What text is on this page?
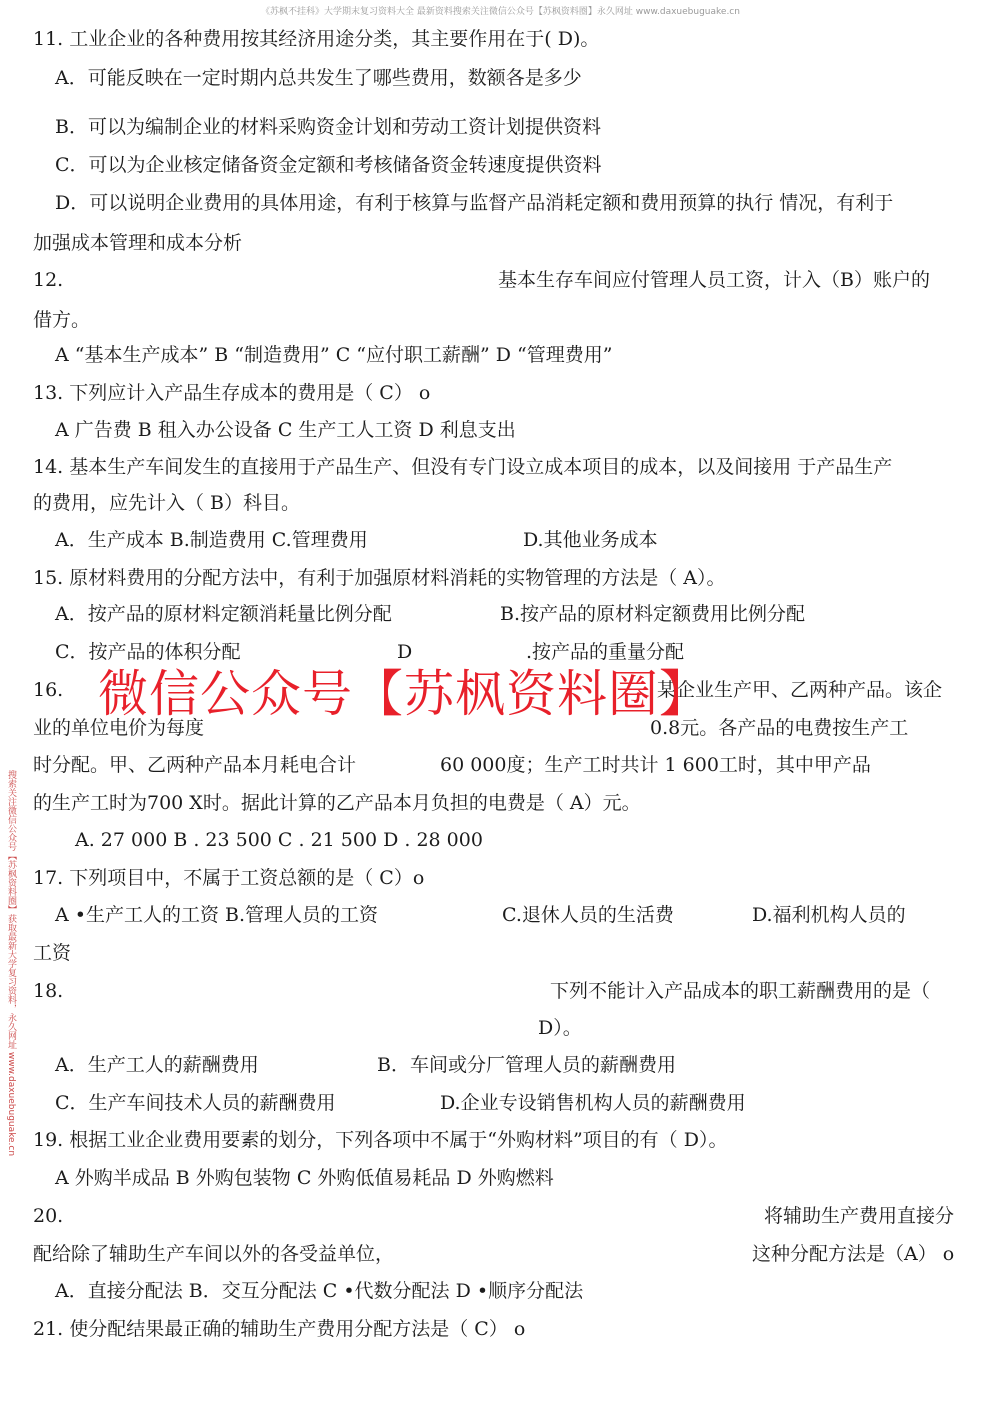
《苏枫不挂科》大学期末复习资料大全 最新资料搜索关注微信公众号【苏枫资料圈】永久网址 www.daxuebuguake.cn
11. 工业企业的各种费用按其经济用途分类，其主要作用在于( D)。
A．可能反映在一定时期内总共发生了哪些费用，数额各是多少
B．可以为编制企业的材料采购资金计划和劳动工资计划提供资料
C．可以为企业核定储备资金定额和考核储备资金转速度提供资料
D．可以说明企业费用的具体用途，有利于核算与监督产品消耗定额和费用预算的执行 情况，有利于
加强成本管理和成本分析
12.	基本生存车间应付管理人员工资，计入（B）账户的
借方。
A “基本生产成本” B “制造费用” C “应付职工薪酬” D “管理费用”
13. 下列应计入产品生存成本的费用是（ C） o
A 广告费 B 租入办公设备 C 生产工人工资 D 利息支出
14. 基本生产车间发生的直接用于产品生产、但没有专门设立成本项目的成本，以及间接用 于产品生产
的费用，应先计入（ B）科目。
A．生产成本 B.制造费用 C.管理费用	D.其他业务成本
15. 原材料费用的分配方法中，有利于加强原材料消耗的实物管理的方法是（ A）。
A．按产品的原材料定额消耗量比例分配	B.按产品的原材料定额费用比例分配
C．按产品的体积分配	D	.按产品的重量分配
16.	某企业生产甲、乙两种产品。该企
业的单位电价为每度	0.8元。各产品的电费按生产工
时分配。甲、乙两种产品本月耗电合计	60 000度；生产工时共计 1 600工时，其中甲产品
的生产工时为700 X时。据此计算的乙产品本月负担的电费是（ A）元。
A. 27 000 B . 23 500 C . 21 500 D . 28 000
17. 下列项目中，不属于工资总额的是（ C）o
A •生产工人的工资 B.管理人员的工资	C.退休人员的生活费	D.福利机构人员的
工资
18.	下列不能计入产品成本的职工薪酬费用的是（
D）。
A．生产工人的薪酬费用	B．车间或分厂管理人员的薪酬费用
C．生产车间技术人员的薪酬费用	D.企业专设销售机构人员的薪酬费用
19. 根据工业企业费用要素的划分，下列各项中不属于“外购材料”项目的有（ D）。
A 外购半成品 B 外购包装物 C 外购低值易耗品 D 外购燃料
20.	将辅助生产费用直接分
配给除了辅助生产车间以外的各受益单位，	这种分配方法是（A） o
A．直接分配法 B．交互分配法 C •代数分配法 D •顺序分配法
21. 使分配结果最正确的辅助生产费用分配方法是（ C） o
微信公众号【苏枫资料圈】
搜索关注微信公众号【苏枫资料圈】获取最新大学复习资料，永久网址 www.daxuebuguake.cn
